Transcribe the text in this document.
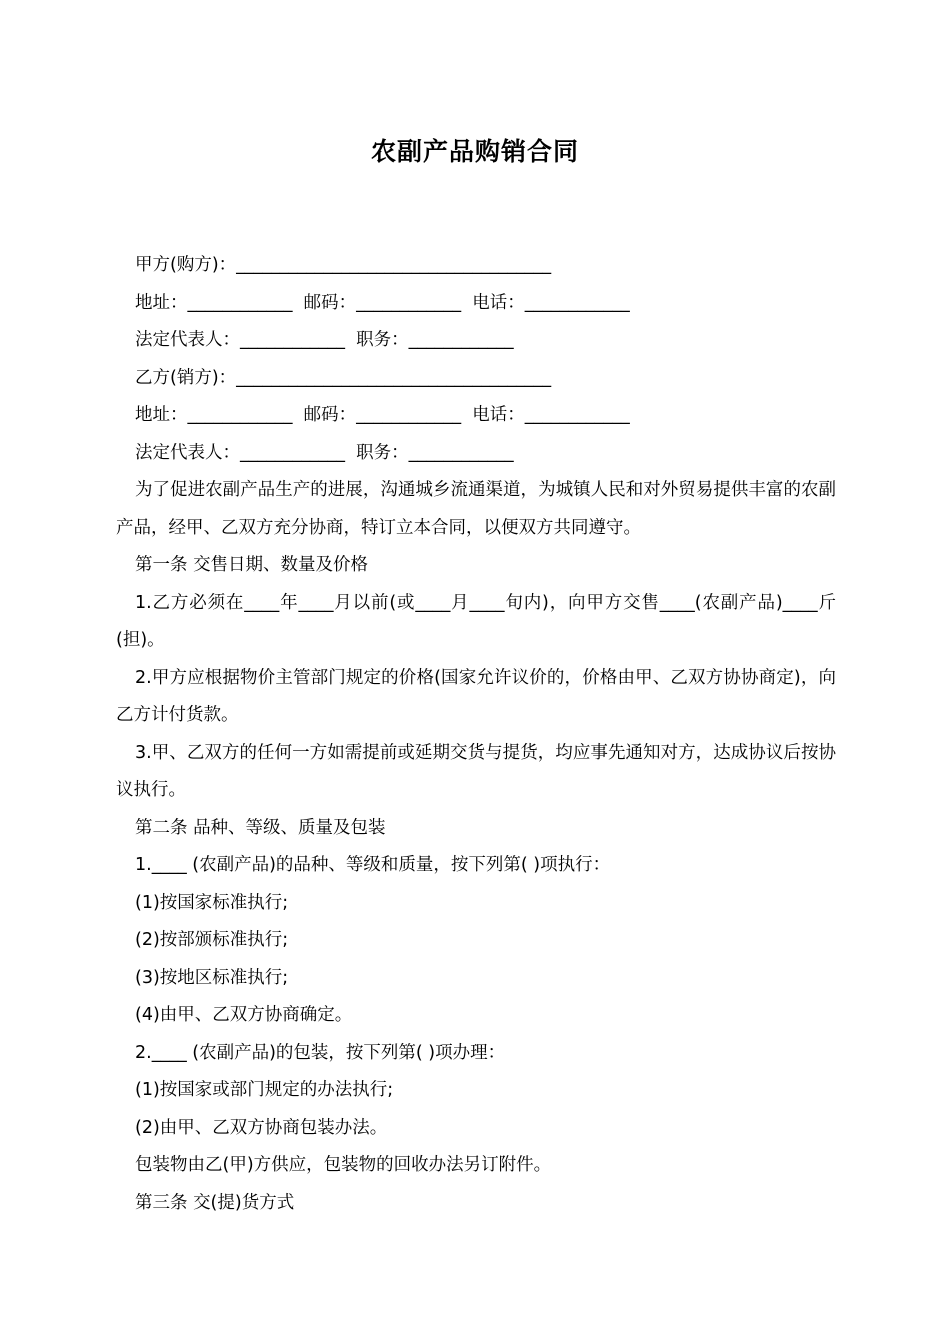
农副产品购销合同
甲方(购方)：____________________________________
地址：____________  邮码：____________  电话：____________
法定代表人：____________  职务：____________
乙方(销方)：____________________________________
地址：____________  邮码：____________  电话：____________
法定代表人：____________  职务：____________
为了促进农副产品生产的进展，沟通城乡流通渠道，为城镇人民和对外贸易提供丰富的农副产品，经甲、乙双方充分协商，特订立本合同，以便双方共同遵守。
第一条 交售日期、数量及价格
1.乙方必须在____年____月以前(或____月____旬内)，向甲方交售____(农副产品)____斤(担)。
2.甲方应根据物价主管部门规定的价格(国家允许议价的，价格由甲、乙双方协协商定)，向乙方计付货款。
3.甲、乙双方的任何一方如需提前或延期交货与提货，均应事先通知对方，达成协议后按协议执行。
第二条 品种、等级、质量及包装
1.____ (农副产品)的品种、等级和质量，按下列第( )项执行：
(1)按国家标准执行;
(2)按部颁标准执行;
(3)按地区标准执行;
(4)由甲、乙双方协商确定。
2.____ (农副产品)的包装，按下列第( )项办理：
(1)按国家或部门规定的办法执行;
(2)由甲、乙双方协商包装办法。
包装物由乙(甲)方供应，包装物的回收办法另订附件。
第三条 交(提)货方式
